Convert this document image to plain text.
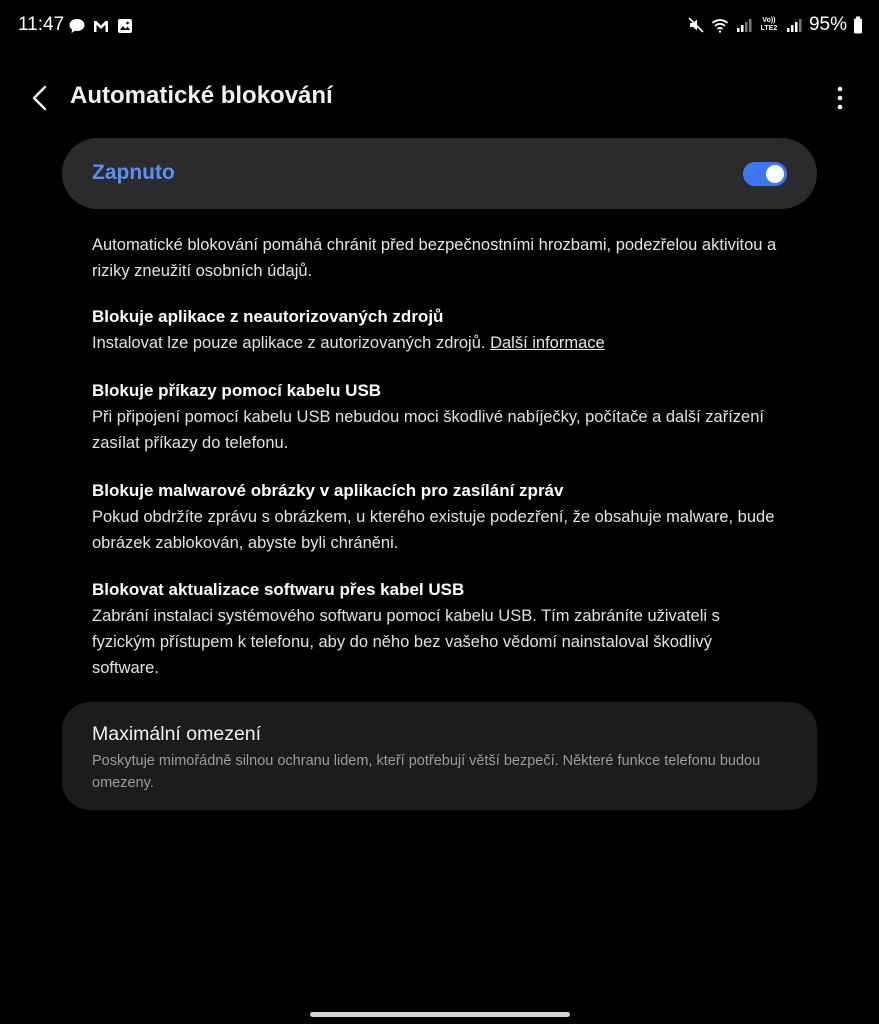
11:47	Vo)) LTE2 95%
Automatické blokování
Zapnuto
Automatické blokování pomáhá chránit před bezpečnostními hrozbami, podezřelou aktivitou a riziky zneužití osobních údajů.
Blokuje aplikace z neautorizovaných zdrojů
Instalovat lze pouze aplikace z autorizovaných zdrojů. Další informace
Blokuje příkazy pomocí kabelu USB
Při připojení pomocí kabelu USB nebudou moci škodlivé nabíječky, počítače a další zařízení zasílat příkazy do telefonu.
Blokuje malwarové obrázky v aplikacích pro zasílání zpráv
Pokud obdržíte zprávu s obrázkem, u kterého existuje podezření, že obsahuje malware, bude obrázek zablokován, abyste byli chráněni.
Blokovat aktualizace softwaru přes kabel USB
Zabrání instalaci systémového softwaru pomocí kabelu USB. Tím zabráníte uživateli s fyzickým přístupem k telefonu, aby do něho bez vašeho vědomí nainstaloval škodlivý software.
Maximální omezení
Poskytuje mimořádně silnou ochranu lidem, kteří potřebují větší bezpečí. Některé funkce telefonu budou omezeny.
